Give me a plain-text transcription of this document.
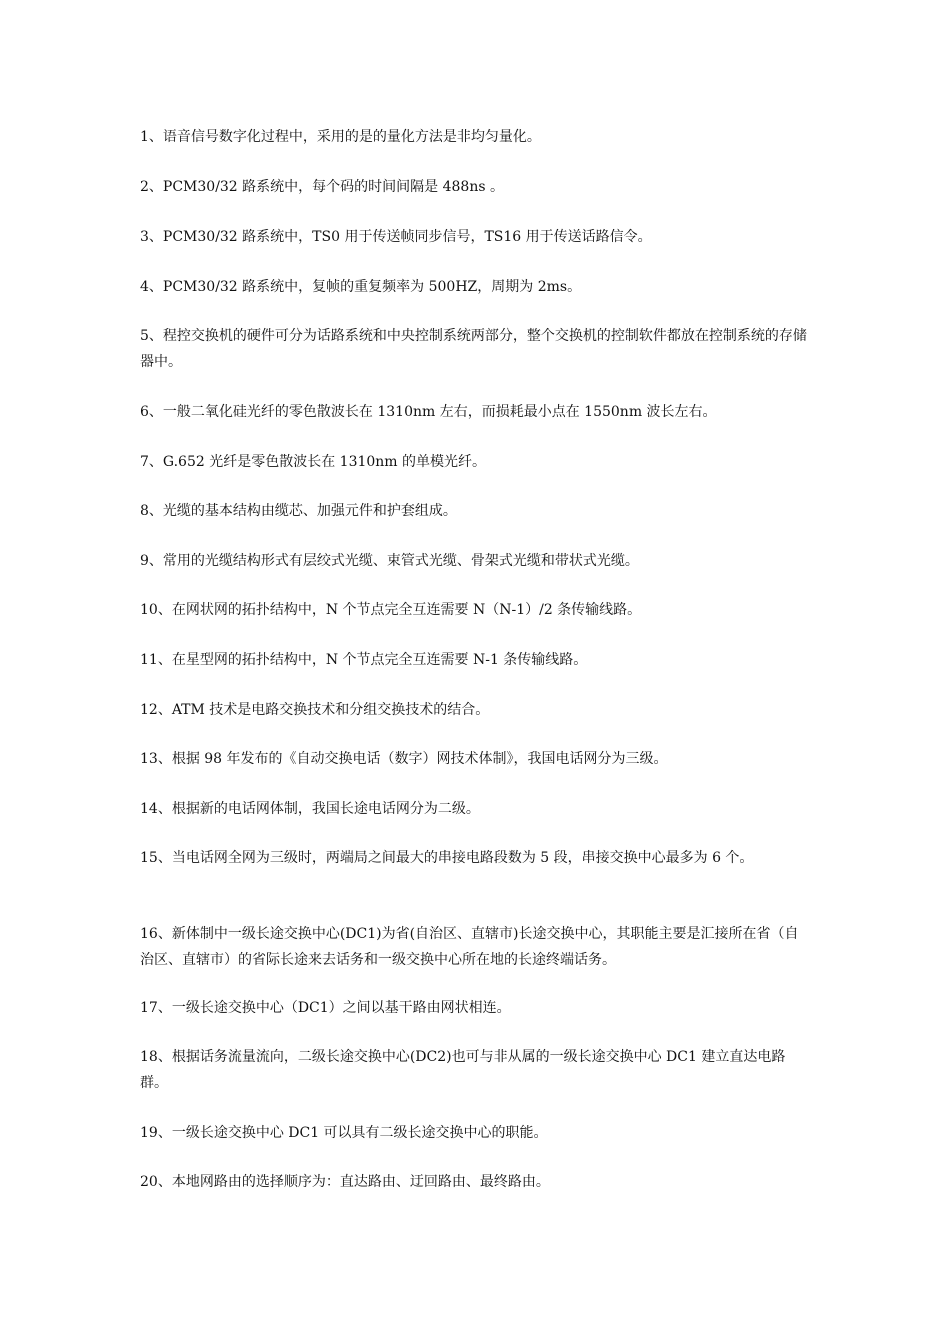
1、语音信号数字化过程中，采用的是的量化方法是非均匀量化。

2、PCM30/32 路系统中，每个码的时间间隔是 488ns 。

3、PCM30/32 路系统中，TS0 用于传送帧同步信号，TS16 用于传送话路信令。

4、PCM30/32 路系统中，复帧的重复频率为 500HZ，周期为 2ms。

5、程控交换机的硬件可分为话路系统和中央控制系统两部分，整个交换机的控制软件都放在控制系统的存储器中。

6、一般二氧化硅光纤的零色散波长在 1310nm 左右，而损耗最小点在 1550nm 波长左右。

7、G.652 光纤是零色散波长在 1310nm 的单模光纤。

8、光缆的基本结构由缆芯、加强元件和护套组成。

9、常用的光缆结构形式有层绞式光缆、束管式光缆、骨架式光缆和带状式光缆。

10、在网状网的拓扑结构中，N 个节点完全互连需要 N（N-1）/2 条传输线路。

11、在星型网的拓扑结构中，N 个节点完全互连需要 N-1 条传输线路。

12、ATM 技术是电路交换技术和分组交换技术的结合。

13、根据 98 年发布的《自动交换电话（数字）网技术体制》，我国电话网分为三级。

14、根据新的电话网体制，我国长途电话网分为二级。

15、当电话网全网为三级时，两端局之间最大的串接电路段数为 5 段，串接交换中心最多为 6 个。

16、新体制中一级长途交换中心(DC1)为省(自治区、直辖市)长途交换中心，其职能主要是汇接所在省（自治区、直辖市）的省际长途来去话务和一级交换中心所在地的长途终端话务。

17、一级长途交换中心（DC1）之间以基干路由网状相连。

18、根据话务流量流向，二级长途交换中心(DC2)也可与非从属的一级长途交换中心 DC1 建立直达电路群。

19、一级长途交换中心 DC1 可以具有二级长途交换中心的职能。

20、本地网路由的选择顺序为：直达路由、迂回路由、最终路由。
